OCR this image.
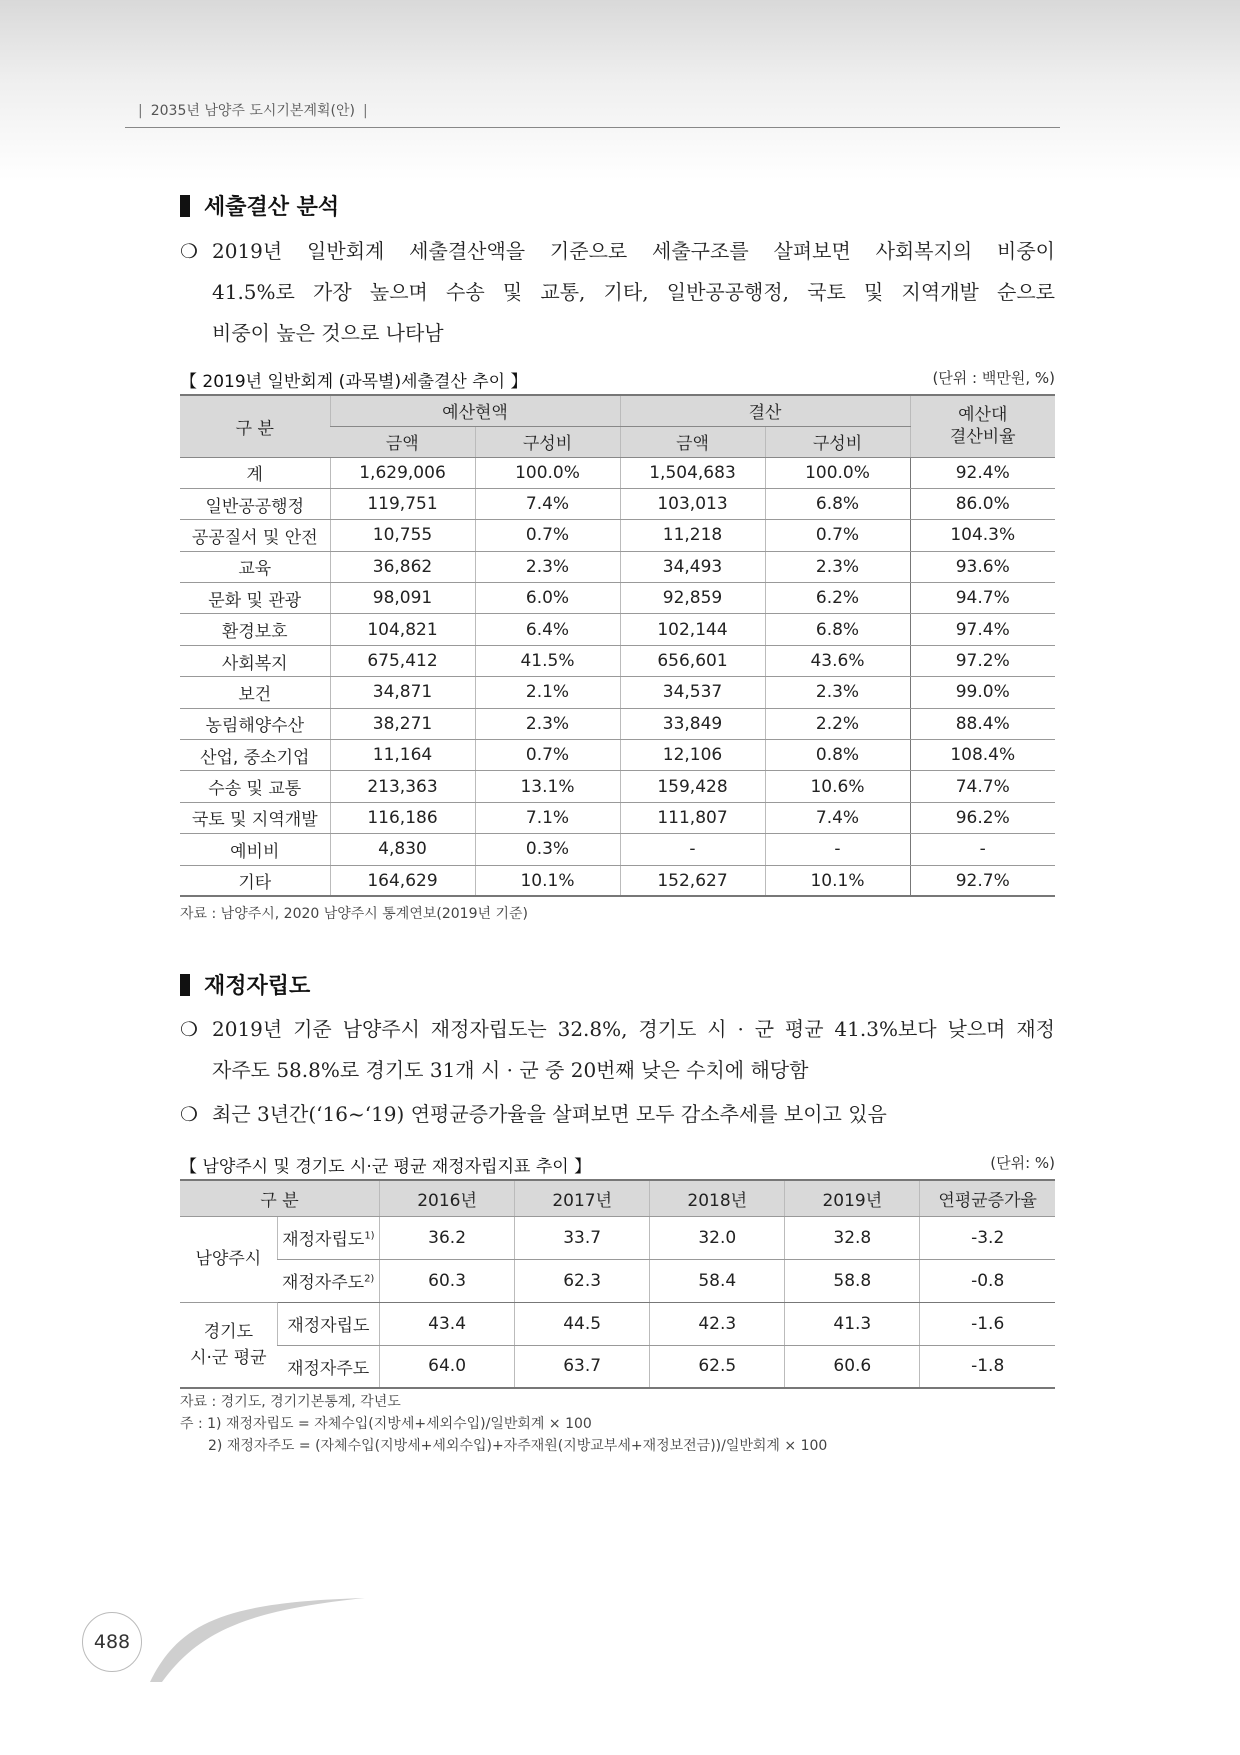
| 2035년 남양주 도시기본계획(안) |
세출결산 분석
❍ 2019년 일반회계 세출결산액을 기준으로 세출구조를 살펴보면 사회복지의 비중이
41.5%로 가장 높으며 수송 및 교통, 기타, 일반공공행정, 국토 및 지역개발 순으로
비중이 높은 것으로 나타남
【 2019년 일반회계 (과목별)세출결산 추이 】	(단위 : 백만원, %)
구 분	예산현액		결산		예산대
결산비율

	금액	구성비	금액	구성비	
계	1,629,006	100.0%	1,504,683	100.0%	92.4%
일반공공행정	119,751	7.4%	103,013	6.8%	86.0%
공공질서 및 안전	10,755	0.7%	11,218	0.7%	104.3%
교육	36,862	2.3%	34,493	2.3%	93.6%
문화 및 관광	98,091	6.0%	92,859	6.2%	94.7%
환경보호	104,821	6.4%	102,144	6.8%	97.4%
사회복지	675,412	41.5%	656,601	43.6%	97.2%
보건	34,871	2.1%	34,537	2.3%	99.0%
농림해양수산	38,271	2.3%	33,849	2.2%	88.4%
산업, 중소기업	11,164	0.7%	12,106	0.8%	108.4%
수송 및 교통	213,363	13.1%	159,428	10.6%	74.7%
국토 및 지역개발	116,186	7.1%	111,807	7.4%	96.2%
예비비	4,830	0.3%	-	-	-
기타	164,629	10.1%	152,627	10.1%	92.7%
자료 : 남양주시, 2020 남양주시 통계연보(2019년 기준)
재정자립도
❍ 2019년 기준 남양주시 재정자립도는 32.8%, 경기도 시 · 군 평균 41.3%보다 낮으며 재정
자주도 58.8%로 경기도 31개 시 · 군 중 20번째 낮은 수치에 해당함
❍ 최근 3년간(‘16~‘19) 연평균증가율을 살펴보면 모두 감소추세를 보이고 있음
【 남양주시 및 경기도 시·군 평균 재정자립지표 추이 】	(단위: %)
구 분		2016년	2017년	2018년	2019년	연평균증가율
남양주시	재정자립도$^{1)}$	36.2	33.7	32.0	32.8	-3.2
	재정자주도$^{2)}$	60.3	62.3	58.4	58.8	-0.8

경기도
시·군 평균	재정자립도	43.4	44.5	42.3	41.3	-1.6
	재정자주도	64.0	63.7	62.5	60.6	-1.8
자료 : 경기도, 경기기본통계, 각년도
주 : 1) 재정자립도 = 자체수입(지방세+세외수입)/일반회계 × 100
2) 재정자주도 = (자체수입(지방세+세외수입)+자주재원(지방교부세+재정보전금))/일반회계 × 100
488
